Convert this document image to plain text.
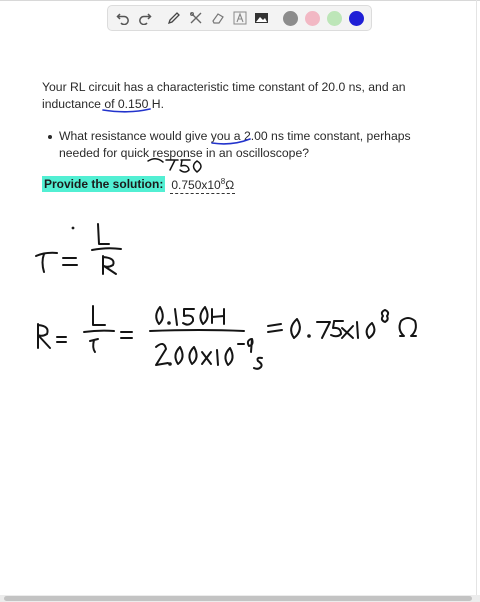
Your RL circuit has a characteristic time constant of 20.0 ns, and an inductance of 0.150 H.

What resistance would give you a 2.00 ns time constant, perhaps needed for quick response in an oscilloscope?
Provide the solution: $0.750x10^8\Omega$
